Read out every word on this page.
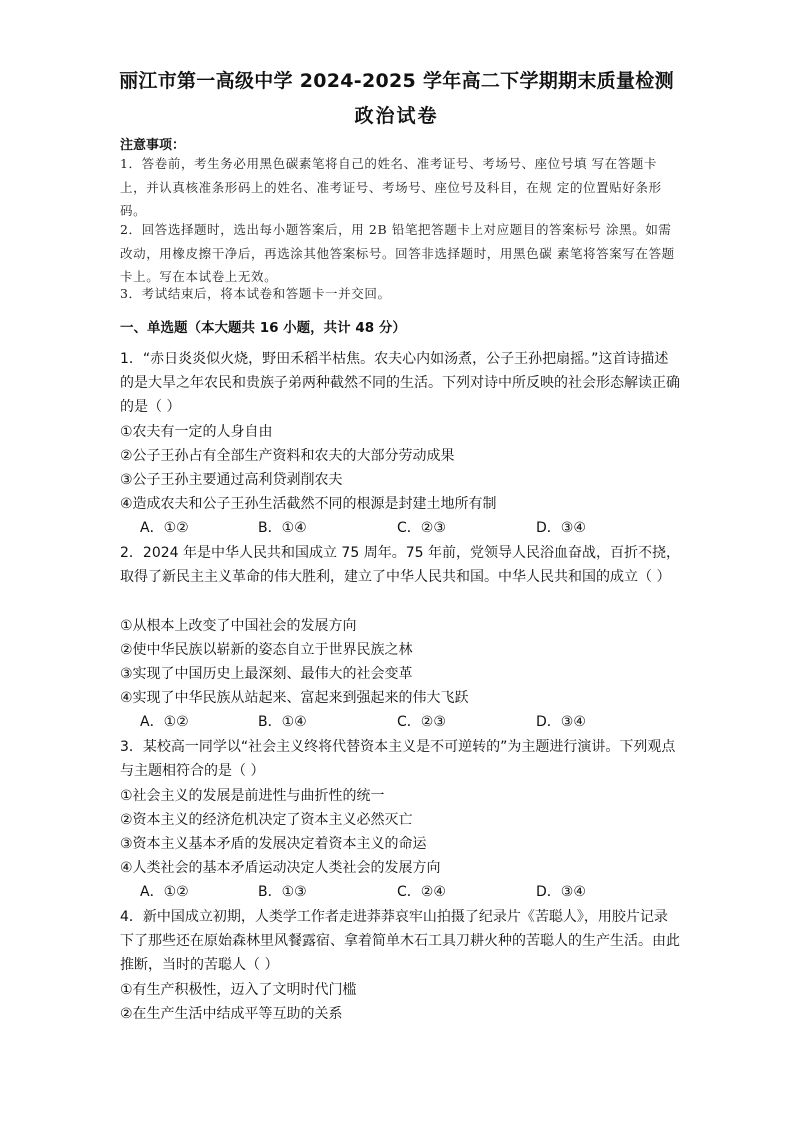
丽江市第一高级中学 2024-2025 学年高二下学期期末质量检测
政治试卷
注意事项：
1．答卷前，考生务必用黑色碳素笔将自己的姓名、准考证号、考场号、座位号填 写在答题卡上，并认真核准条形码上的姓名、准考证号、考场号、座位号及科目，在规 定的位置贴好条形码。
2．回答选择题时，选出每小题答案后，用 2B 铅笔把答题卡上对应题目的答案标号 涂黑。如需改动，用橡皮擦干净后，再选涂其他答案标号。回答非选择题时，用黑色碳 素笔将答案写在答题卡上。写在本试卷上无效。
3．考试结束后，将本试卷和答题卡一并交回。
一、单选题（本大题共 16 小题，共计 48 分）
1．“赤日炎炎似火烧，野田禾稻半枯焦。农夫心内如汤煮，公子王孙把扇摇。”这首诗描述的是大旱之年农民和贵族子弟两种截然不同的生活。下列对诗中所反映的社会形态解读正确的是（ ）
①农夫有一定的人身自由
②公子王孙占有全部生产资料和农夫的大部分劳动成果
③公子王孙主要通过高利贷剥削农夫
④造成农夫和公子王孙生活截然不同的根源是封建土地所有制
A．①②	B．①④	C．②③	D．③④
2．2024 年是中华人民共和国成立 75 周年。75 年前，党领导人民浴血奋战，百折不挠，取得了新民主主义革命的伟大胜利，建立了中华人民共和国。中华人民共和国的成立（ ）
①从根本上改变了中国社会的发展方向
②使中华民族以崭新的姿态自立于世界民族之林
③实现了中国历史上最深刻、最伟大的社会变革
④实现了中华民族从站起来、富起来到强起来的伟大飞跃
A．①②	B．①④	C．②③	D．③④
3．某校高一同学以“社会主义终将代替资本主义是不可逆转的”为主题进行演讲。下列观点与主题相符合的是（ ）
①社会主义的发展是前进性与曲折性的统一
②资本主义的经济危机决定了资本主义必然灭亡
③资本主义基本矛盾的发展决定着资本主义的命运
④人类社会的基本矛盾运动决定人类社会的发展方向
A．①②	B．①③	C．②④	D．③④
4．新中国成立初期，人类学工作者走进莽莽哀牢山拍摄了纪录片《苦聪人》，用胶片记录下了那些还在原始森林里风餐露宿、拿着简单木石工具刀耕火种的苦聪人的生产生活。由此推断，当时的苦聪人（ ）
①有生产积极性，迈入了文明时代门槛
②在生产生活中结成平等互助的关系
